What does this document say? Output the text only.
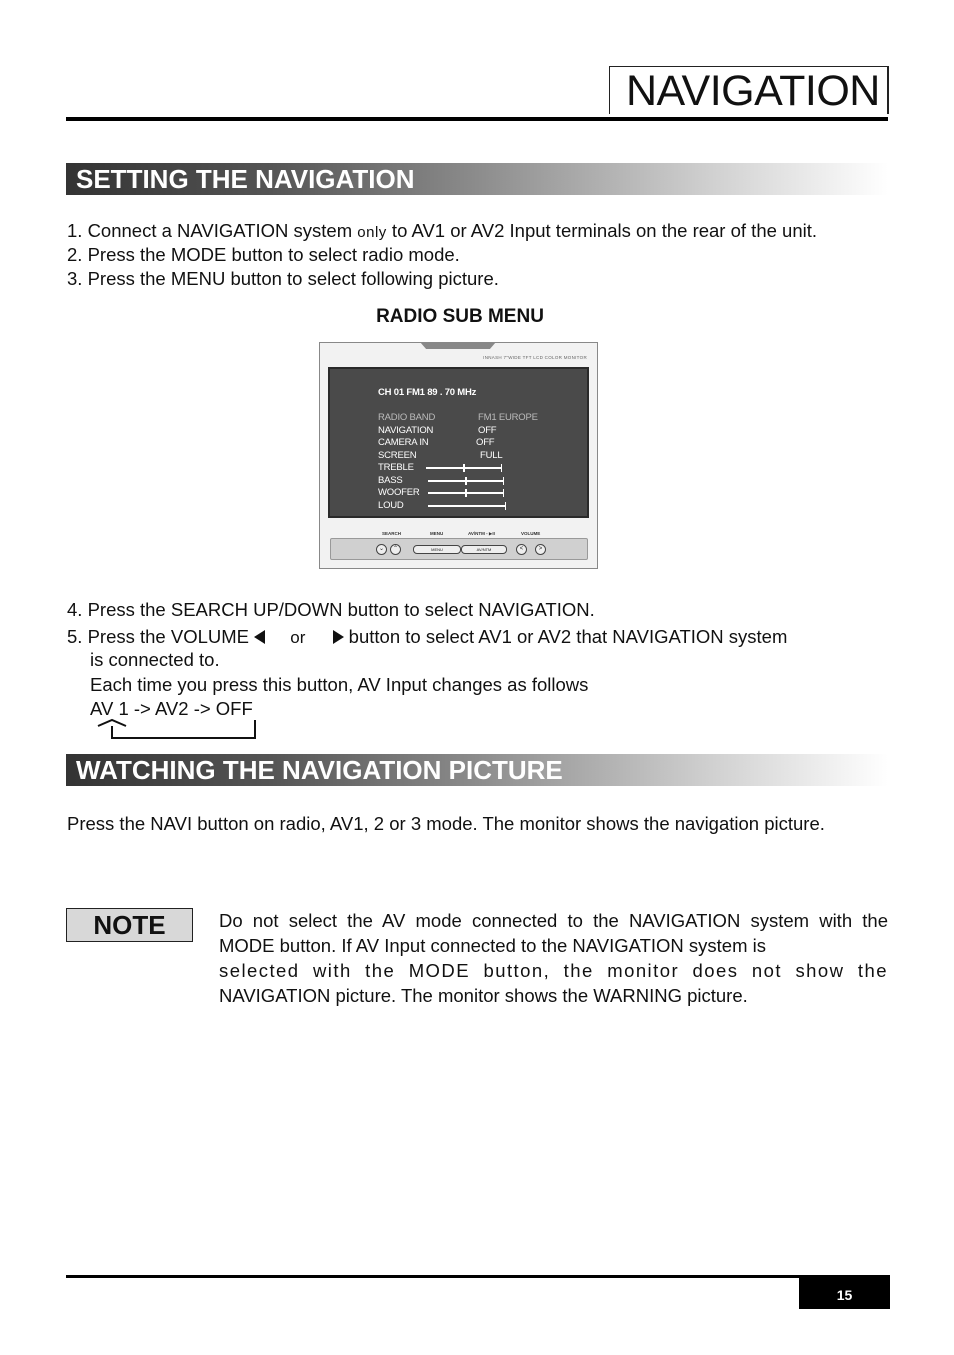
NAVIGATION
SETTING THE NAVIGATION
1. Connect a NAVIGATION system only to AV1 or AV2 Input terminals on the rear of the unit.
2. Press the MODE button to select radio mode.
3. Press the MENU button to select following picture.
RADIO SUB MENU
INNASH 7"WIDE TFT LCD COLOR MONITOR
CH 01 FM1 89 . 70 MHz
RADIO BAND	FM1 EUROPE
NAVIGATION	OFF
CAMERA IN	OFF
SCREEN	FULL
TREBLE
BASS
WOOFER
LOUD
SEARCH	MENU	AV/NTM - ▶II	VOLUME
⌄	⌃	MENU	AV/NTM	<	>
4. Press the SEARCH UP/DOWN button to select NAVIGATION.
5. Press the VOLUME  or  button to select AV1 or AV2 that NAVIGATION system
is connected to.
Each time you press this button, AV Input changes as follows
AV 1 -> AV2 -> OFF
WATCHING THE NAVIGATION PICTURE
Press the NAVI button on radio, AV1, 2 or 3 mode. The monitor shows the navigation picture.
NOTE	Do not select the AV mode connected to the NAVIGATION system with the MODE button. If AV Input connected to the NAVIGATION system is
selected with the MODE button, the monitor does not show the
NAVIGATION picture. The monitor shows the WARNING picture.
15
